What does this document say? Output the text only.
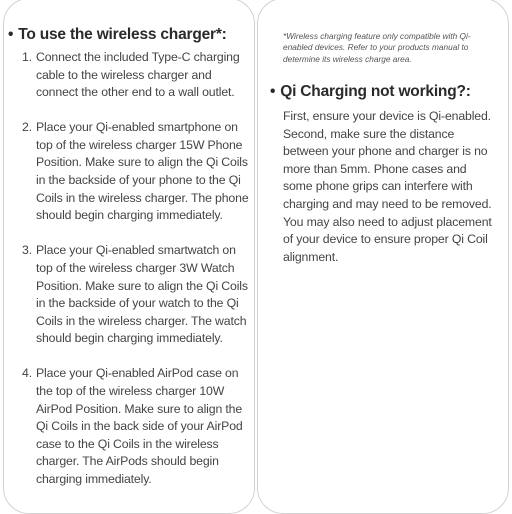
• To use the wireless charger*:
1. Connect the included Type-C charging cable to the wireless charger and connect the other end to a wall outlet.
2. Place your Qi-enabled smartphone on top of the wireless charger 15W Phone Position. Make sure to align the Qi Coils in the backside of your phone to the Qi Coils in the wireless charger. The phone should begin charging immediately.
3. Place your Qi-enabled smartwatch on top of the wireless charger 3W Watch Position. Make sure to align the Qi Coils in the backside of your watch to the Qi Coils in the wireless charger. The watch should begin charging immediately.
4. Place your Qi-enabled AirPod case on the top of the wireless charger 10W AirPod Position. Make sure to align the Qi Coils in the back side of your AirPod case to the Qi Coils in the wireless charger. The AirPods should begin charging immediately.
*Wireless charging feature only compatible with Qi-enabled devices. Refer to your products manual to determine its wireless charge area.
• Qi Charging not working?:
First, ensure your device is Qi-enabled. Second, make sure the distance between your phone and charger is no more than 5mm. Phone cases and some phone grips can interfere with charging and may need to be removed. You may also need to adjust placement of your device to ensure proper Qi Coil alignment.
